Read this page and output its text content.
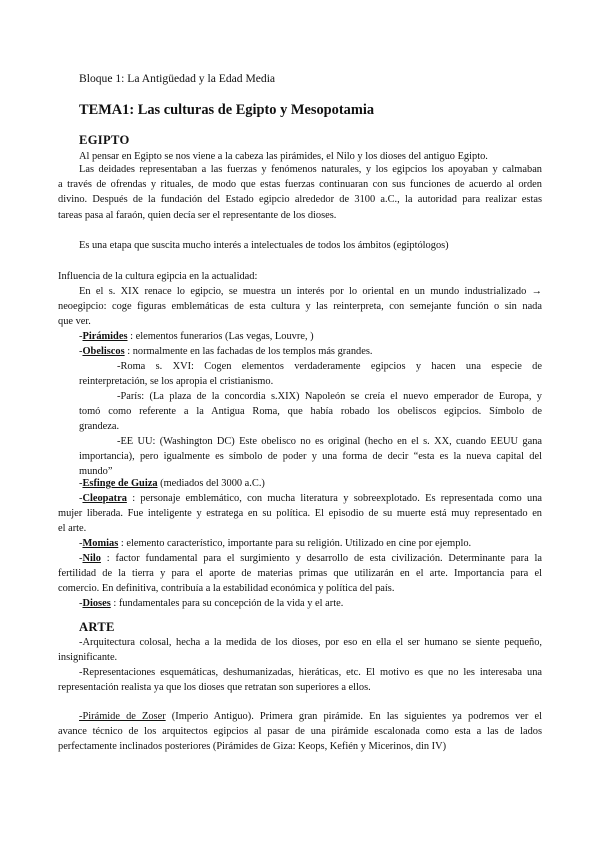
Bloque 1: La Antigüedad y la Edad Media
TEMA1: Las culturas de Egipto y Mesopotamia
EGIPTO
Al pensar en Egipto se nos viene a la cabeza las pirámides, el Nilo y los dioses del antiguo Egipto.
Las deidades representaban a las fuerzas y fenómenos naturales, y los egipcios los apoyaban y calmaban
a través de ofrendas y rituales, de modo que estas fuerzas continuaran con sus funciones de acuerdo al orden
divino. Después de la fundación del Estado egipcio alrededor de 3100 a.C., la autoridad para realizar estas
tareas pasa al faraón, quien decía ser el representante de los dioses.
Es una etapa que suscita mucho interés a intelectuales de todos los ámbitos (egiptólogos)
Influencia de la cultura egipcia en la actualidad:
En el s. XIX renace lo egipcio, se muestra un interés por lo oriental en un mundo industrializado →
neoegipcio: coge figuras emblemáticas de esta cultura y las reinterpreta, con semejante función o sin nada
que ver.
-Pirámides : elementos funerarios (Las vegas, Louvre, )
-Obeliscos : normalmente en las fachadas de los templos más grandes.
-Roma s. XVI: Cogen elementos verdaderamente egipcios y hacen una especie de
reinterpretación, se los apropia el cristianismo.
-París: (La plaza de la concordia s.XIX) Napoleón se creía el nuevo emperador de Europa, y
tomó como referente a la Antigua Roma, que había robado los obeliscos egipcios. Símbolo de
grandeza.
-EE UU: (Washington DC) Este obelisco no es original (hecho en el s. XX, cuando EEUU gana
importancia), pero igualmente es símbolo de poder y una forma de decir “esta es la nueva capital del
mundo”
-Esfinge de Guiza (mediados del 3000 a.C.)
-Cleopatra : personaje emblemático, con mucha literatura y sobreexplotado. Es representada como una
mujer liberada. Fue inteligente y estratega en su política. El episodio de su muerte está muy representado en
el arte.
-Momias : elemento característico, importante para su religión. Utilizado en cine por ejemplo.
-Nilo : factor fundamental para el surgimiento y desarrollo de esta civilización. Determinante para la
fertilidad de la tierra y para el aporte de materias primas que utilizarán en el arte. Importancia para el
comercio. En definitiva, contribuía a la estabilidad económica y política del país.
-Dioses : fundamentales para su concepción de la vida y el arte.
ARTE
-Arquitectura colosal, hecha a la medida de los dioses, por eso en ella el ser humano se siente pequeño,
insignificante.
-Representaciones esquemáticas, deshumanizadas, hieráticas, etc. El motivo es que no les interesaba una
representación realista ya que los dioses que retratan son superiores a ellos.
-Pirámide de Zoser (Imperio Antiguo). Primera gran pirámide. En las siguientes ya podremos ver el
avance técnico de los arquitectos egipcios al pasar de una pirámide escalonada como esta a las de lados
perfectamente inclinados posteriores (Pirámides de Giza: Keops, Kefién y Micerinos, din IV)
